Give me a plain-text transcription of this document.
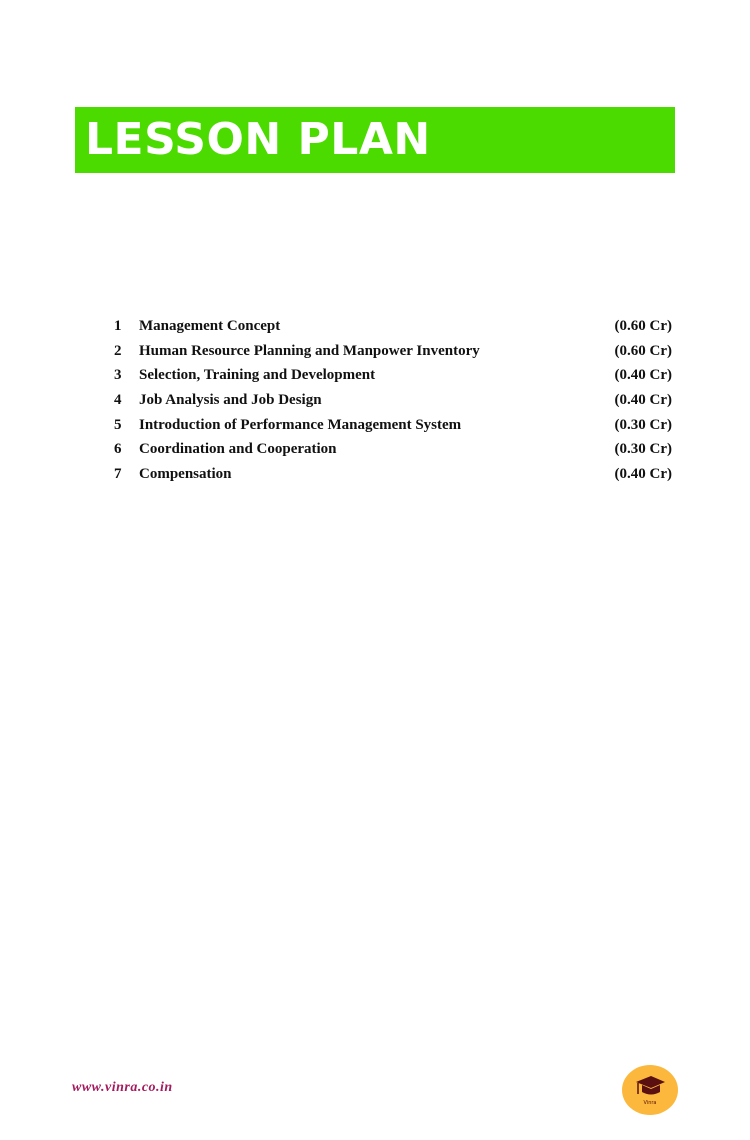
LESSON PLAN
1 Management Concept	(0.60 Cr)
2 Human Resource Planning and Manpower Inventory	(0.60 Cr)
3 Selection, Training and Development	(0.40 Cr)
4 Job Analysis and Job Design	(0.40 Cr)
5 Introduction of Performance Management System	(0.30 Cr)
6 Coordination and Cooperation	(0.30 Cr)
7 Compensation	(0.40 Cr)
www.vinra.co.in
Vinra
